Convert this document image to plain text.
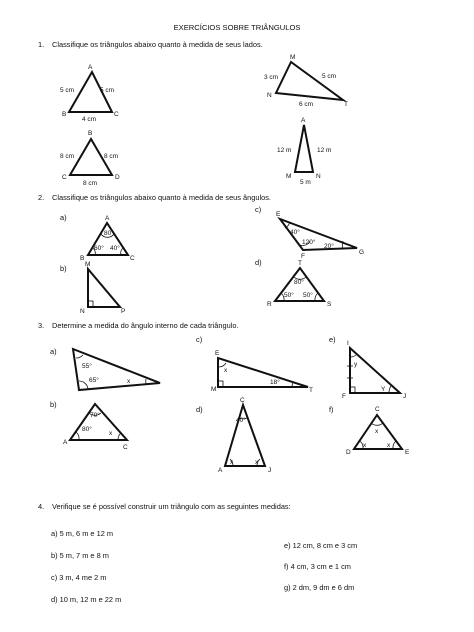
EXERCÍCIOS SOBRE TRIÂNGULOS
1. Classifique os triângulos abaixo quanto à medida de seus lados.
2. Classifique os triângulos abaixo quanto à medida de seus ângulos.
3. Determine a medida do ângulo interno de cada triângulo.
4. Verifique se é possível construir um triângulo com as seguintes medidas:
a) 5 m, 6 m e 12 m
b) 5 m, 7 m e 8 m
c) 3 m, 4 me 2 m
d) 10 m, 12 m e 22 m
e) 12 cm, 8 cm e 3 cm
f) 4 cm, 3 cm e 1 cm
g) 2 dm, 9 dm e 6 dm
A
B	C
5 cm	5 cm
4 cm
M
N
T
3 cm	5 cm
6 cm
B
C	D
8 cm	8 cm
8 cm
A
M	N
12 m	12 m
5 m
a)	A
B	C
80°
60° 40°
b)	M
N	P
c)
E
F
G
40°
120°
20°
d)	T
R	S
80°
50° 50°
a)
55°
65°	x
b)
70°
80°
x
A
C
c)
E
M	T
x
18°
d)
C
A	J
40°
x	x
e) I
F	J
y
Y
f)	C
D	E
x
x	x
